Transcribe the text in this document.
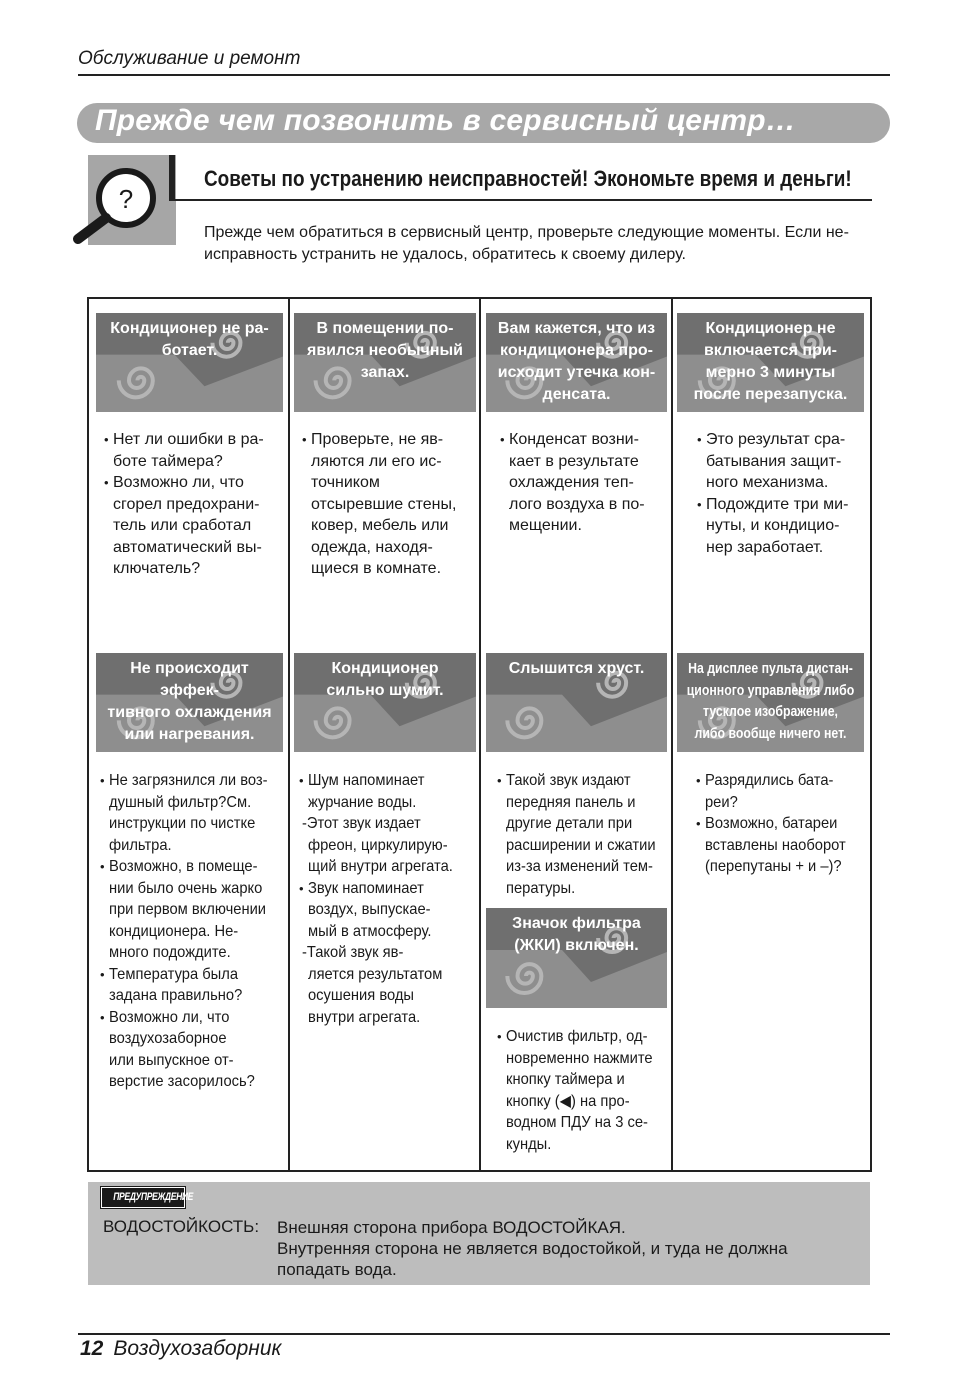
Обслуживание и ремонт
Прежде чем позвонить в сервисный центр…
?
Советы по устранению неисправностей! Экономьте время и деньги!
Прежде чем обратиться в сервисный центр, проверьте следующие моменты. Если не-
исправность устранить не удалось, обратитесь к своему дилеру.
Кондиционер не ра-
ботает.
В помещении по-
явился необычный
запах.
Вам кажется, что из
кондиционера про-
исходит утечка кон-
денсата.
Кондиционер не
включается при-
мерно 3 минуты
после перезапуска.
Не происходит эффек-
тивного охлаждения
или нагревания.
Кондиционер
сильно шумит.
Слышится хруст.	На дисплее пульта дистан-
ционного управления либо
тусклое изображение,
либо вообще ничего нет.
Значок фильтра
(ЖКИ) включен.
• Нет ли ошибки в ра-
боте таймера?
• Возможно ли, что
сгорел предохрани-
тель или сработал
автоматический вы-
ключатель?
• Проверьте, не яв-
ляются ли его ис-
точником
отсыревшие стены,
ковер, мебель или
одежда, находя-
щиеся в комнате.
• Конденсат возни-
кает в результате
охлаждения теп-
лого воздуха в по-
мещении.
• Это результат сра-
батывания защит-
ного механизма.
• Подождите три ми-
нуты, и кондицио-
нер заработает.
• Не загрязнился ли воз-
душный фильтр?См.
инструкции по чистке
фильтра.
• Возможно, в помеще-
нии было очень жарко
при первом включении
кондиционера. Не-
много подождите.
• Температура была
задана правильно?
• Возможно ли, что
воздухозаборное
или выпускное от-
верстие засорилось?
• Шум напоминает
журчание воды.
-Этот звук издает
фреон, циркулирую-
щий внутри агрегата.
• Звук напоминает
воздух, выпускае-
мый в атмосферу.
-Такой звук яв-
ляется результатом
осушения воды
внутри агрегата.
• Такой звук издают
передняя панель и
другие детали при
расширении и сжатии
из-за изменений тем-
пературы.
• Разрядились бата-
реи?
• Возможно, батареи
вставлены наоборот
(перепутаны + и –)?
• Очистив фильтр, од-
новременно нажмите
кнопку таймера и
кнопку (◀) на про-
водном ПДУ на 3 се-
кунды.
ПРЕДУПРЕЖДЕНИЕ
ВОДОСТОЙКОСТЬ: Внешняя сторона прибора ВОДОСТОЙКАЯ.
Внутренняя сторона не является водостойкой, и туда не должна
попадать вода.
12 Воздухозаборник
